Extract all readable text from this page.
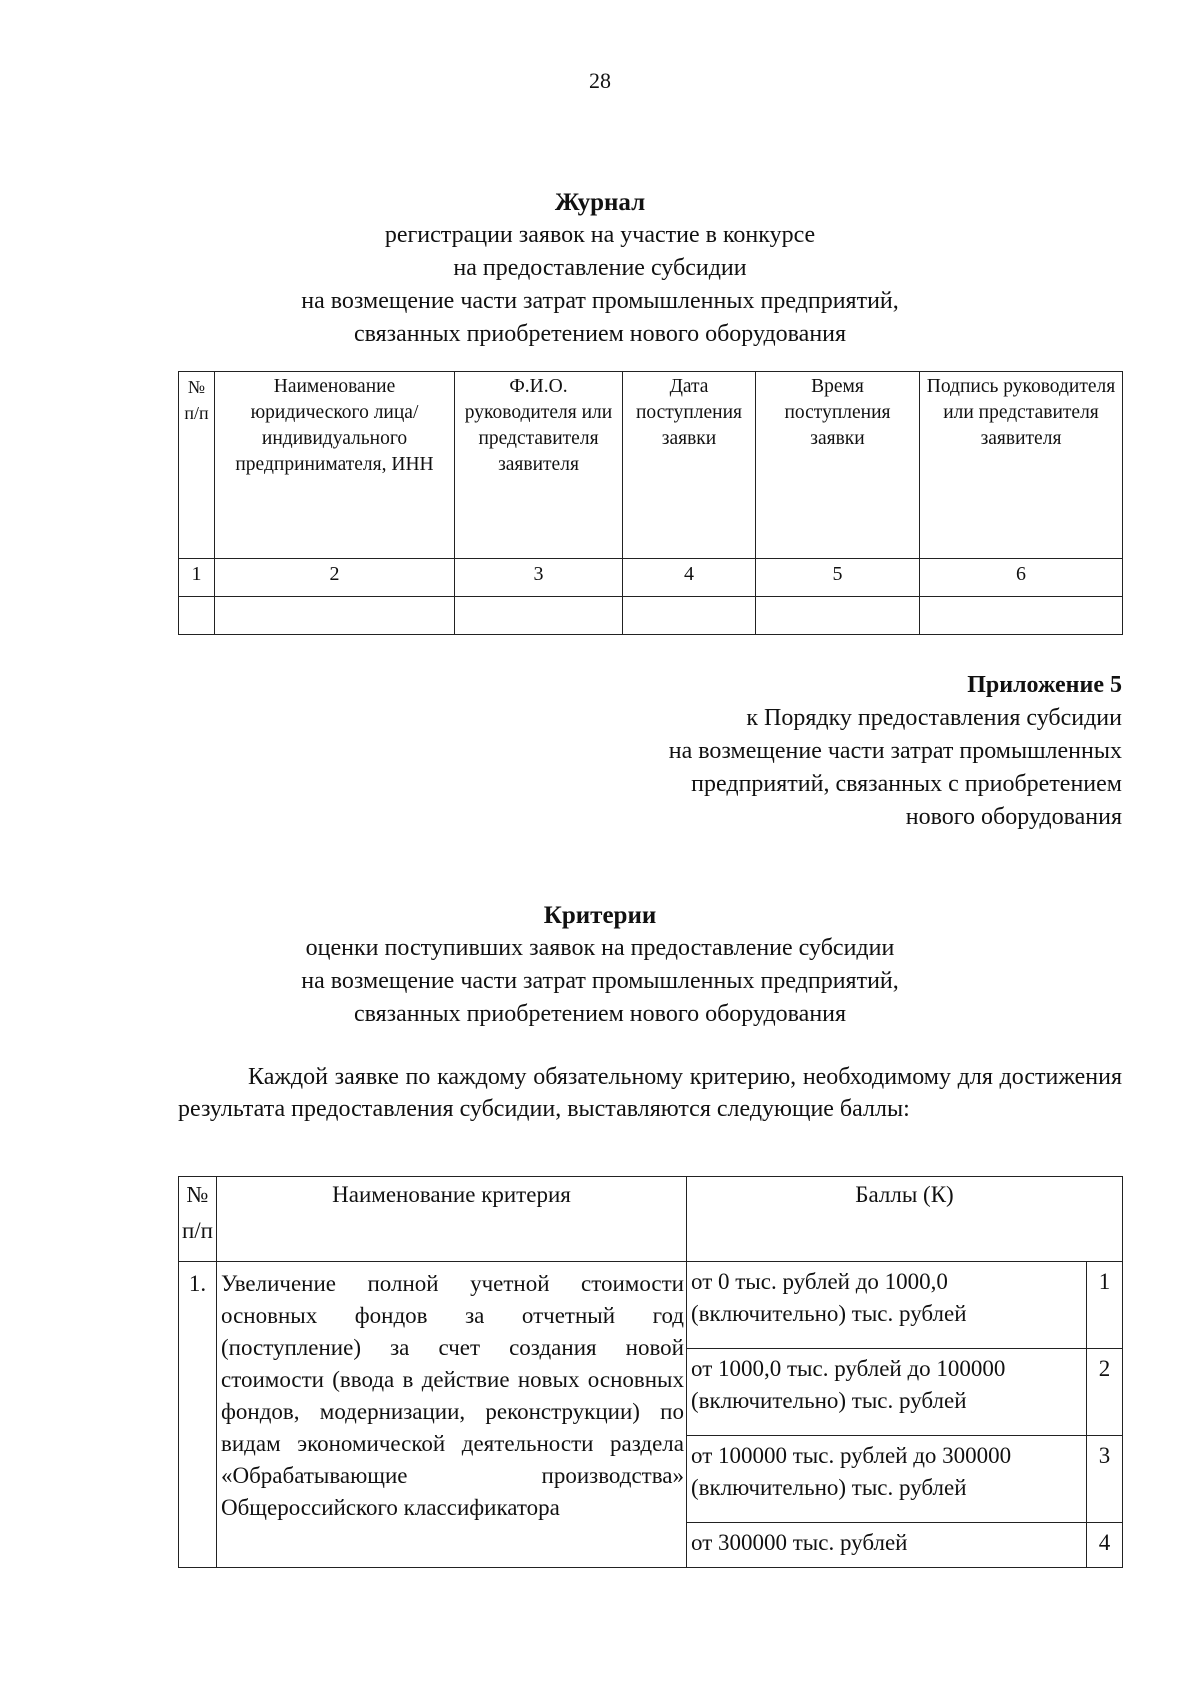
28
Журнал
регистрации заявок на участие в конкурсе
на предоставление субсидии
на возмещение части затрат промышленных предприятий,
связанных приобретением нового оборудования
№ п/п	Наименование юридического лица/индивидуального предпринимателя, ИНН	Ф.И.О. руководителя или представителя заявителя	Дата поступления заявки	Время поступления заявки	Подпись руководителя или представителя заявителя
1	2	3	4	5	6

Приложение 5
к Порядку предоставления субсидии
на возмещение части затрат промышленных
предприятий, связанных с приобретением
нового оборудования
Критерии
оценки поступивших заявок на предоставление субсидии
на возмещение части затрат промышленных предприятий,
связанных приобретением нового оборудования
Каждой заявке по каждому обязательному критерию, необходимому для достижения результата предоставления субсидии, выставляются следующие баллы:
№ п/п	Наименование критерия	Баллы (К)	
1.	Увеличение полной учетной стоимости основных фондов за отчетный год (поступление) за счет создания новой стоимости (ввода в действие новых основных фондов, модернизации, реконструкции) по видам экономической деятельности раздела «Обрабатывающие производства» Общероссийского классификатора	от 0 тыс. рублей до 1000,0 (включительно) тыс. рублей	1
		от 1000,0 тыс. рублей до 100000 (включительно) тыс. рублей	2
		от 100000 тыс. рублей до 300000 (включительно) тыс. рублей	3
		от 300000 тыс. рублей	4
